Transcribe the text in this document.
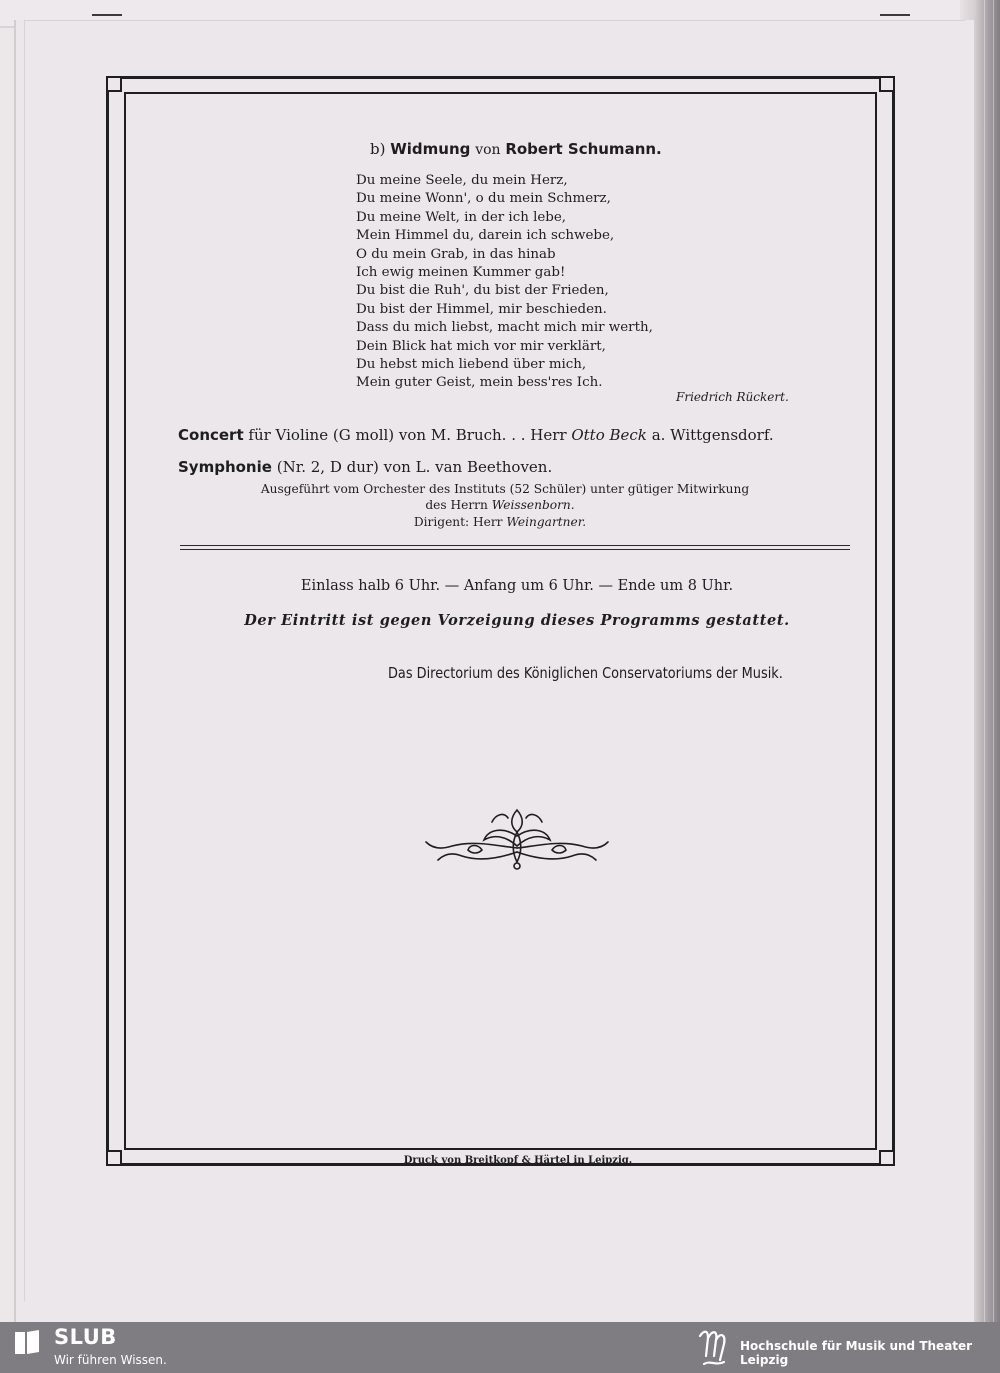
b) Widmung von Robert Schumann.
Du meine Seele, du mein Herz,
Du meine Wonn', o du mein Schmerz,
Du meine Welt, in der ich lebe,
Mein Himmel du, darein ich schwebe,
O du mein Grab, in das hinab
Ich ewig meinen Kummer gab!
Du bist die Ruh', du bist der Frieden,
Du bist der Himmel, mir beschieden.
Dass du mich liebst, macht mich mir werth,
Dein Blick hat mich vor mir verklärt,
Du hebst mich liebend über mich,
Mein guter Geist, mein bess'res Ich.
Friedrich Rückert.
Concert für Violine (G moll) von M. Bruch. . . Herr Otto Beck a. Wittgensdorf.
Symphonie (Nr. 2, D dur) von L. van Beethoven.
Ausgeführt vom Orchester des Instituts (52 Schüler) unter gütiger Mitwirkung
des Herrn Weissenborn.
Dirigent: Herr Weingartner.
Einlass halb 6 Uhr. — Anfang um 6 Uhr. — Ende um 8 Uhr.
Der Eintritt ist gegen Vorzeigung dieses Programms gestattet.
Das Directorium des Königlichen Conservatoriums der Musik.
Druck von Breitkopf & Härtel in Leipzig.
SLUB
Wir führen Wissen.
Hochschule für Musik und Theater Leipzig
